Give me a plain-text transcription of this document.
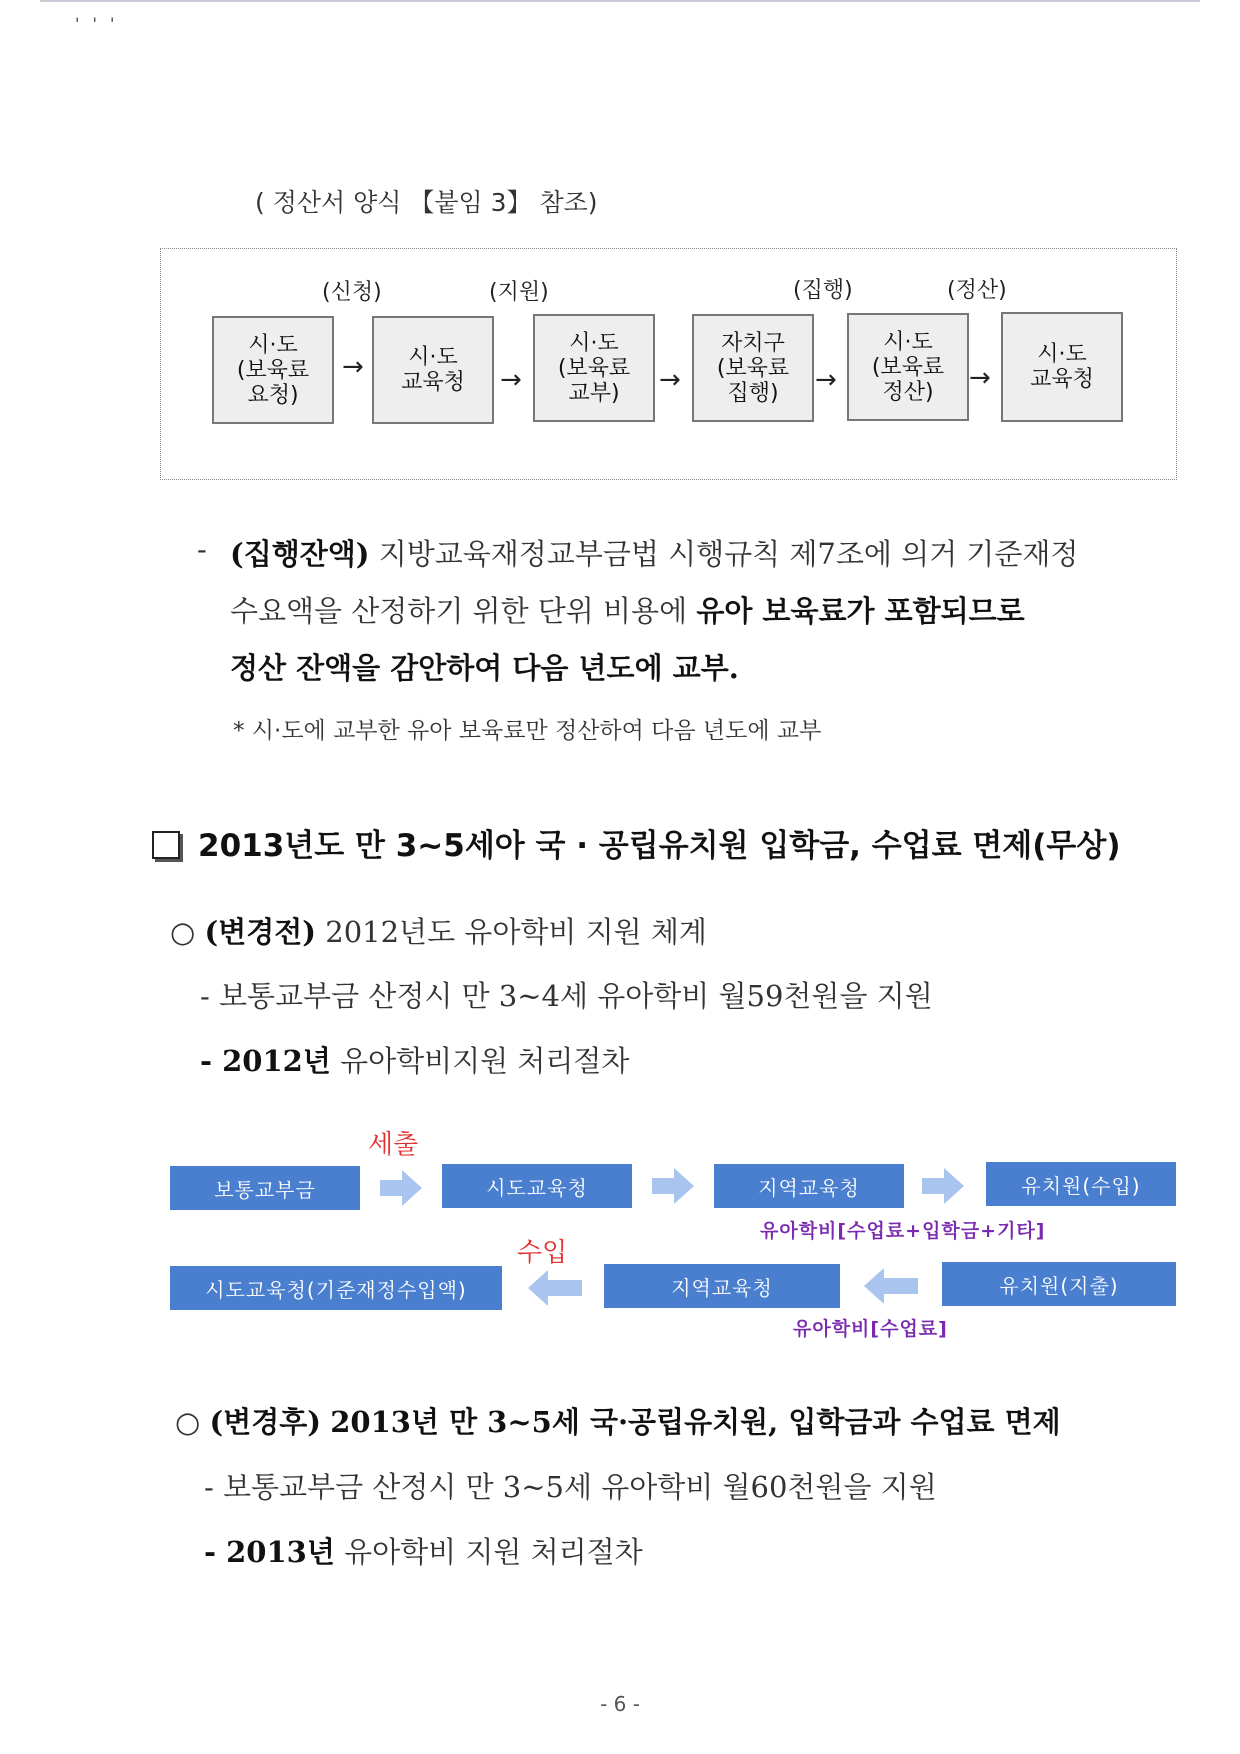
' ' '
( 정산서 양식 【붙임 3】 참조)
(신청)	(지원)	(집행)	(정산)
시·도
(보육료
요청)
→	시·도
교육청	→
시·도
(보육료
교부)	→
자치구
(보육료
집행)	→
시·도
(보육료
정산)	→
시·도
교육청
- (집행잔액) 지방교육재정교부금법 시행규칙 제7조에 의거 기준재정
수요액을 산정하기 위한 단위 비용에 유아 보육료가 포함되므로
정산 잔액을 감안하여 다음 년도에 교부.
* 시·도에 교부한 유아 보육료만 정산하여 다음 년도에 교부
2013년도 만 3~5세아 국 · 공립유치원 입학금, 수업료 면제(무상)
○ (변경전) 2012년도 유아학비 지원 체계
- 보통교부금 산정시 만 3~4세 유아학비 월59천원을 지원
- 2012년 유아학비지원 처리절차
세출
보통교부금	시도교육청	지역교육청	유치원(수입)
유아학비[수업료+입학금+기타]
수입
시도교육청(기준재정수입액)	지역교육청	유치원(지출)
유아학비[수업료]
○ (변경후) 2013년 만 3~5세 국·공립유치원, 입학금과 수업료 면제
- 보통교부금 산정시 만 3~5세 유아학비 월60천원을 지원
- 2013년 유아학비 지원 처리절차
- 6 -
